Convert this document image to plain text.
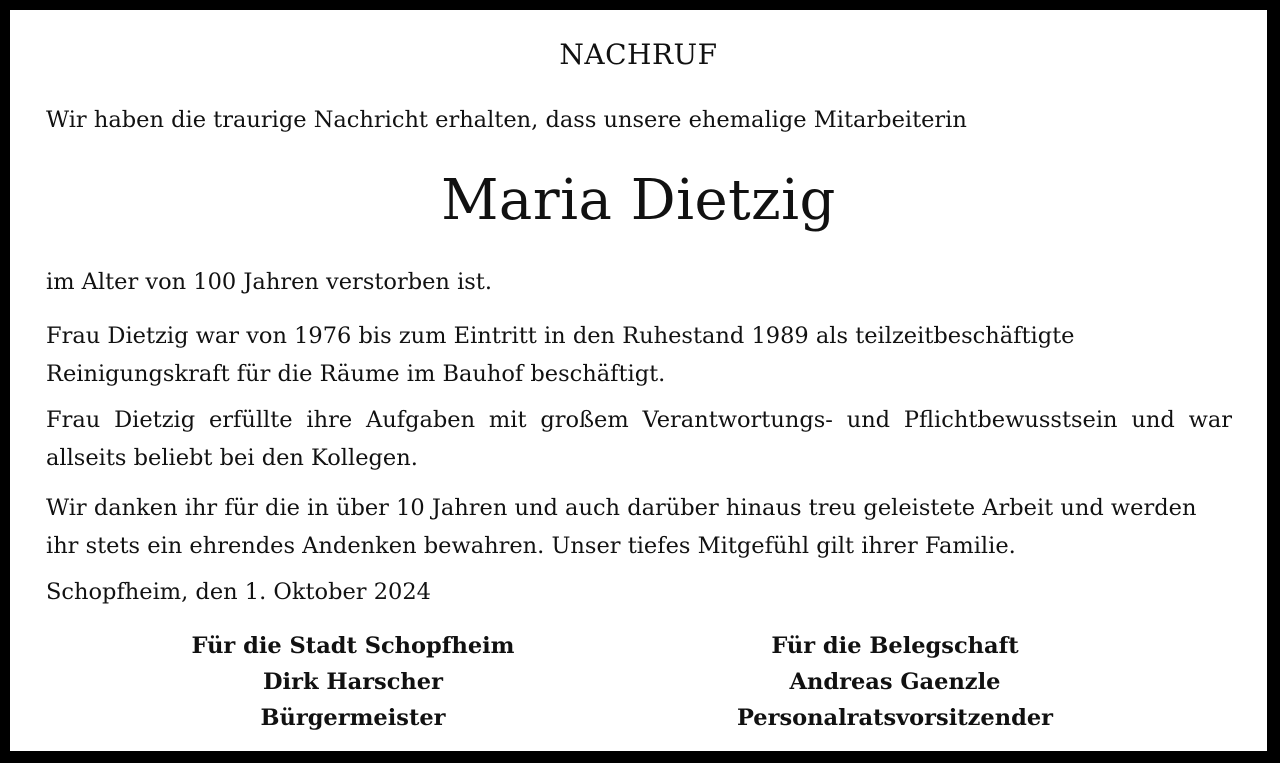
NACHRUF
Wir haben die traurige Nachricht erhalten, dass unsere ehemalige Mitarbeiterin
Maria Dietzig
im Alter von 100 Jahren verstorben ist.
Frau Dietzig war von 1976 bis zum Eintritt in den Ruhestand 1989 als teilzeitbeschäftigte Reinigungskraft für die Räume im Bauhof beschäftigt.
Frau Dietzig erfüllte ihre Aufgaben mit großem Verantwortungs- und Pflichtbewusstsein und war allseits beliebt bei den Kollegen.
Wir danken ihr für die in über 10 Jahren und auch darüber hinaus treu geleistete Arbeit und werden ihr stets ein ehrendes Andenken bewahren. Unser tiefes Mitgefühl gilt ihrer Familie.
Schopfheim, den 1. Oktober 2024
Für die Stadt Schopfheim
Dirk Harscher
Bürgermeister
Für die Belegschaft
Andreas Gaenzle
Personalratsvorsitzender
